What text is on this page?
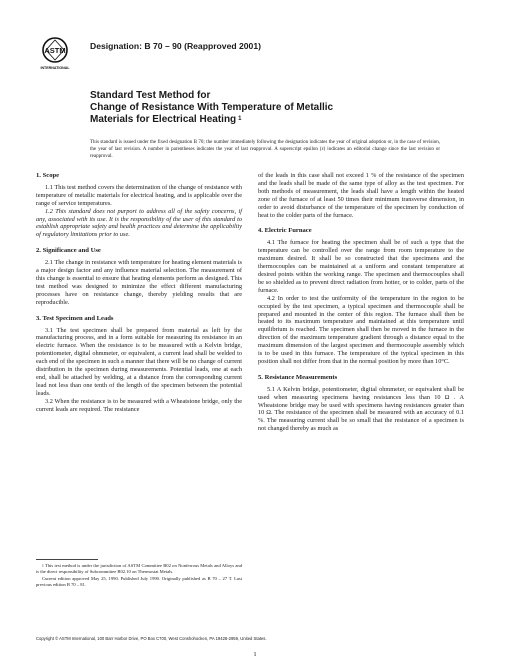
ASTM
INTERNATIONAL
Designation: B 70 – 90 (Reapproved 2001)
Standard Test Method for
Change of Resistance With Temperature of Metallic
Materials for Electrical Heating $^1$
This standard is issued under the fixed designation B 70; the number immediately following the designation indicates the year of original adoption or, in the case of revision, the year of last revision. A number in parentheses indicates the year of last reapproval. A superscript epsilon (ε) indicates an editorial change since the last revision or reapproval.
1. Scope

1.1 This test method covers the determination of the change of resistance with temperature of metallic materials for electrical heating, and is applicable over the range of service temperatures.

1.2 This standard does not purport to address all of the safety concerns, if any, associated with its use. It is the responsibility of the user of this standard to establish appropriate safety and health practices and determine the applicability of regulatory limitations prior to use.

2. Significance and Use

2.1 The change in resistance with temperature for heating element materials is a major design factor and any influence material selection. The measurement of this change is essential to ensure that heating elements perform as designed. This test method was designed to minimize the effect different manufacturing processes have on resistance change, thereby yielding results that are reproducible.

3. Test Specimen and Leads

3.1 The test specimen shall be prepared from material as left by the manufacturing process, and in a form suitable for measuring its resistance in an electric furnace. When the resistance is to be measured with a Kelvin bridge, potentiometer, digital ohmmeter, or equivalent, a current lead shall be welded to each end of the specimen in such a manner that there will be no change of current distribution in the specimen during measurements. Potential leads, one at each end, shall be attached by welding, at a distance from the corresponding current lead not less than one tenth of the length of the specimen between the potential leads.

3.2 When the resistance is to be measured with a Wheatstone bridge, only the current leads are required. The resistance

$^1$ This test method is under the jurisdiction of ASTM Committee B02 on Nonferrous Metals and Alloys and is the direct responsibility of Subcommittee B02.10 on Thermostat Metals.

Current edition approved May 25, 1990. Published July 1990. Originally published as B 70 – 27 T. Last previous edition B 70 – 81.

of the leads in this case shall not exceed 1 % of the resistance of the specimen and the leads shall be made of the same type of alloy as the test specimen. For both methods of measurement, the leads shall have a length within the heated zone of the furnace of at least 50 times their minimum transverse dimension, in order to avoid disturbance of the temperature of the specimen by conduction of heat to the colder parts of the furnace.

4. Electric Furnace

4.1 The furnace for heating the specimen shall be of such a type that the temperature can be controlled over the range from room temperature to the maximum desired. It shall be so constructed that the specimens and the thermocouples can be maintained at a uniform and constant temperature at desired points within the working range. The specimen and thermocouples shall be so shielded as to prevent direct radiation from hotter, or to colder, parts of the furnace.

4.2 In order to test the uniformity of the temperature in the region to be occupied by the test specimen, a typical specimen and thermocouple shall be prepared and mounted in the center of this region. The furnace shall then be heated to its maximum temperature and maintained at this temperature until equilibrium is reached. The specimen shall then be moved in the furnace in the direction of the maximum temperature gradient through a distance equal to the maximum dimension of the largest specimen and thermocouple assembly which is to be used in this furnace. The temperature of the typical specimen in this position shall not differ from that in the normal position by more than 10°C.

5. Resistance Measurements

5.1 A Kelvin bridge, potentiometer, digital ohmmeter, or equivalent shall be used when measuring specimens having resistances less than 10 Ω . A Wheatstone bridge may be used with specimens having resistances greater than 10 Ω. The resistance of the specimen shall be measured with an accuracy of 0.1 %. The measuring current shall be so small that the resistance of a specimen is not changed thereby as much as

Copyright © ASTM International, 100 Barr Harbor Drive, PO Box C700, West Conshohocken, PA 19428-2959, United States.
1
